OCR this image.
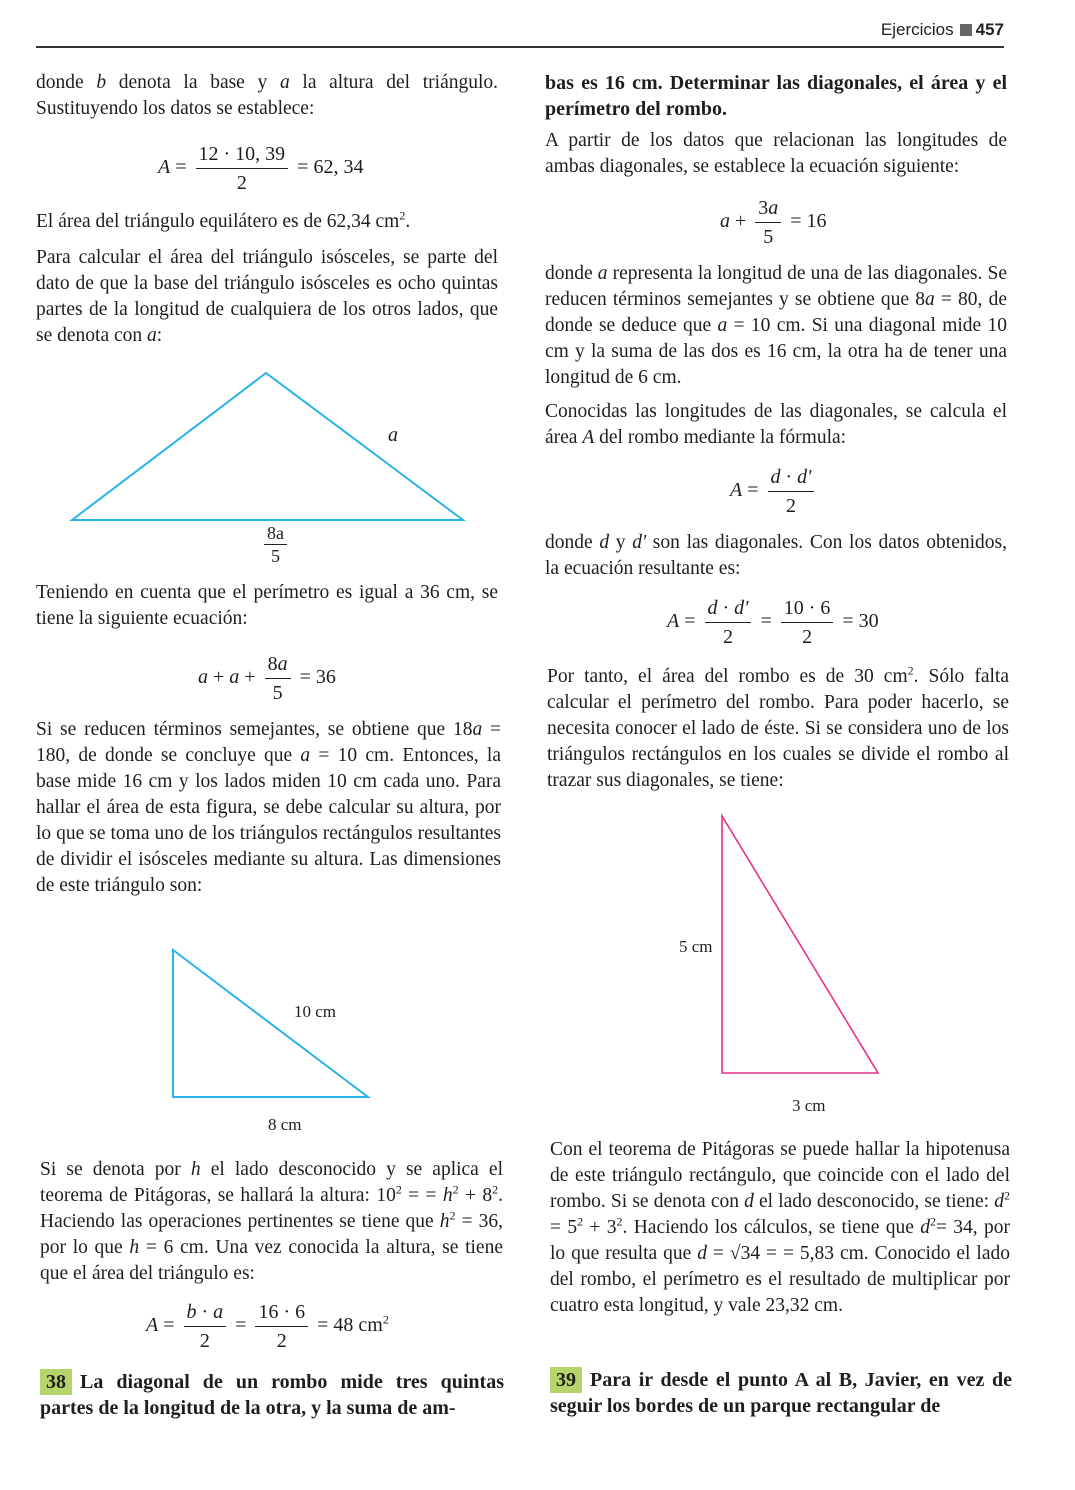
Ejercicios 457
donde b denota la base y a la altura del triángulo. Sustituyendo los datos se establece:
$A = \frac{12 \cdot 10, 39}{2} = 62$, 34
El área del triángulo equilátero es de 62,34 $cm^2$.
Para calcular el área del triángulo isósceles, se parte del dato de que la base del triángulo isósceles es ocho quintas partes de la longitud de cualquiera de los otros lados, que se denota con a:
a
$\frac{8a}{5}$
Teniendo en cuenta que el perímetro es igual a 36 cm, se tiene la siguiente ecuación:
$a + a + \frac{8a}{5} = 36$
Si se reducen términos semejantes, se obtiene que 18a = 180, de donde se concluye que a = 10 cm. Entonces, la base mide 16 cm y los lados miden 10 cm cada uno. Para hallar el área de esta figura, se debe calcular su altura, por lo que se toma uno de los triángulos rectángulos resultantes de dividir el isósceles mediante su altura. Las dimensiones de este triángulo son:
10 cm
8 cm
Si se denota por h el lado desconocido y se aplica el teorema de Pitágoras, se hallará la altura: $10^2$ = = $h^2 + 8^2$. Haciendo las operaciones pertinentes se tiene que $h^2 = 36$, por lo que h = 6 cm. Una vez conocida la altura, se tiene que el área del triángulo es:
$A = \frac{b \cdot a}{2} = \frac{16 \cdot 6}{2} = 48$ $cm^2$
38 La diagonal de un rombo mide tres quintas partes de la longitud de la otra, y la suma de am-
bas es 16 cm. Determinar las diagonales, el área y el perímetro del rombo.
A partir de los datos que relacionan las longitudes de ambas diagonales, se establece la ecuación siguiente:
$a + \frac{3a}{5} = 16$
donde a representa la longitud de una de las diagonales. Se reducen términos semejantes y se obtiene que 8a = 80, de donde se deduce que a = 10 cm. Si una diagonal mide 10 cm y la suma de las dos es 16 cm, la otra ha de tener una longitud de 6 cm.
Conocidas las longitudes de las diagonales, se calcula el área A del rombo mediante la fórmula:
$A = \frac{d \cdot d'}{2}$
donde d y d' son las diagonales. Con los datos obtenidos, la ecuación resultante es:
$A = \frac{d \cdot d'}{2} = \frac{10 \cdot 6}{2} = 30$
Por tanto, el área del rombo es de 30 $cm^2$. Sólo falta calcular el perímetro del rombo. Para poder hacerlo, se necesita conocer el lado de éste. Si se considera uno de los triángulos rectángulos en los cuales se divide el rombo al trazar sus diagonales, se tiene:
5 cm
3 cm
Con el teorema de Pitágoras se puede hallar la hipotenusa de este triángulo rectángulo, que coincide con el lado del rombo. Si se denota con d el lado desconocido, se tiene: $d^2 = 5^2 + 3^2$. Haciendo los cálculos, se tiene que $d^2= 34$, por lo que resulta que d = √34 = = 5,83 cm. Conocido el lado del rombo, el perímetro es el resultado de multiplicar por cuatro esta longitud, y vale 23,32 cm.
39 Para ir desde el punto A al B, Javier, en vez de seguir los bordes de un parque rectangular de
